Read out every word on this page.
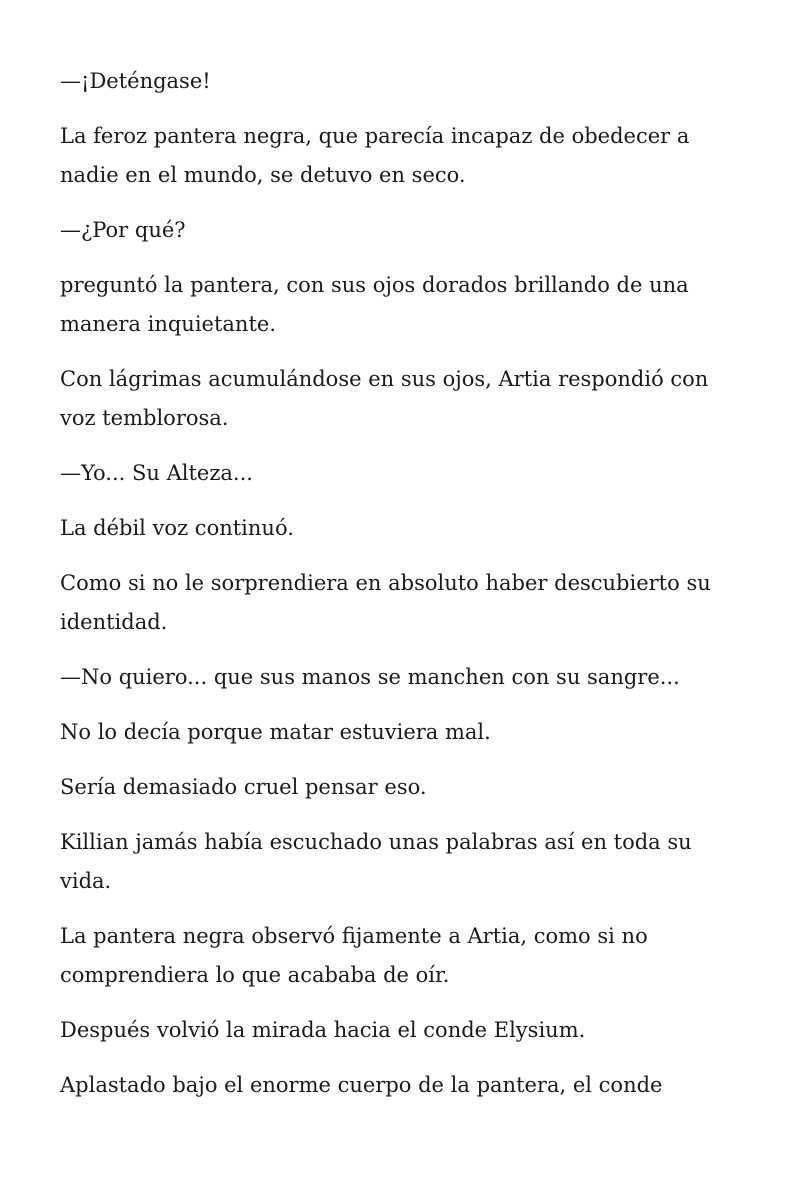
—¡Deténgase!

La feroz pantera negra, que parecía incapaz de obedecer a nadie en el mundo, se detuvo en seco.

—¿Por qué?

preguntó la pantera, con sus ojos dorados brillando de una manera inquietante.

Con lágrimas acumulándose en sus ojos, Artia respondió con voz temblorosa.

—Yo... Su Alteza...

La débil voz continuó.

Como si no le sorprendiera en absoluto haber descubierto su identidad.

—No quiero... que sus manos se manchen con su sangre...

No lo decía porque matar estuviera mal.

Sería demasiado cruel pensar eso.

Killian jamás había escuchado unas palabras así en toda su vida.

La pantera negra observó fijamente a Artia, como si no comprendiera lo que acababa de oír.

Después volvió la mirada hacia el conde Elysium.

Aplastado bajo el enorme cuerpo de la pantera, el conde
